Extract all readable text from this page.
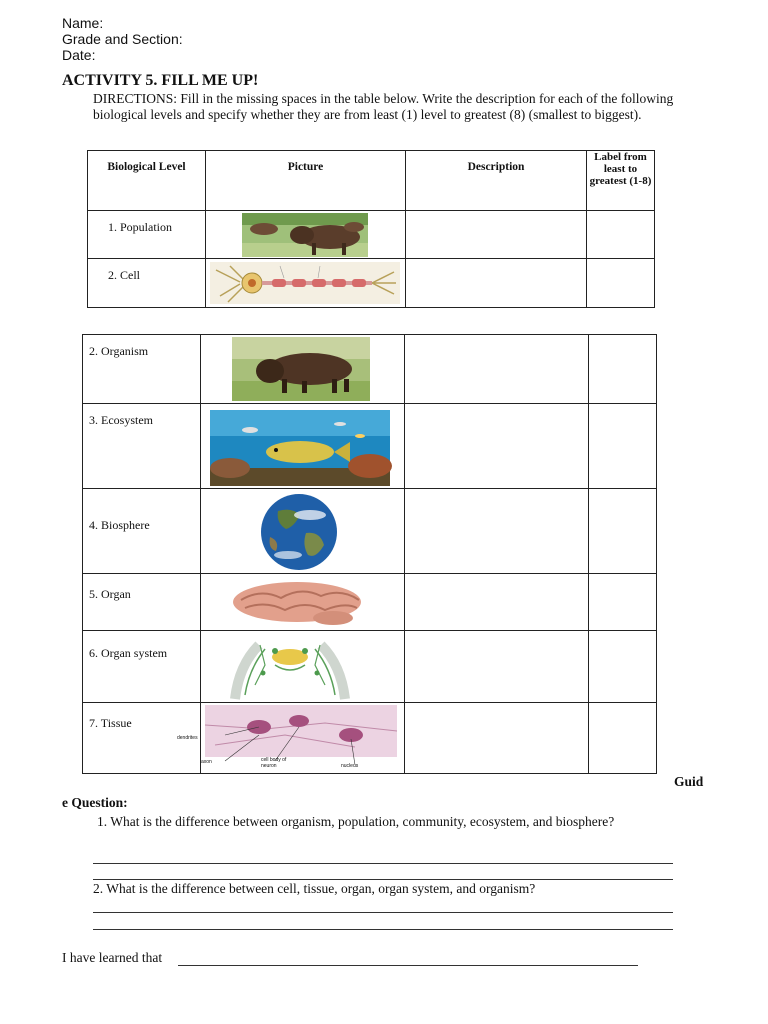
Name:
Grade and Section:
Date:
ACTIVITY 5. FILL ME UP!
DIRECTIONS: Fill in the missing spaces in the table below. Write the description for each of the following biological levels and specify whether they are from least (1) level to greatest (8) (smallest to biggest).
Biological Level	Picture	Description	Label from least to greatest (1-8)
1. Population	

2. Cell	

2. Organism	

3. Ecosystem	

4. Biosphere	

5. Organ	

6. Organ system	

7. Tissue	dendrites
axon cell body of neuron nucleus		

Guid
e Question:
1. What is the difference between organism, population, community, ecosystem, and biosphere?
2. What is the difference between cell, tissue, organ, organ system, and organism?
I have learned that
